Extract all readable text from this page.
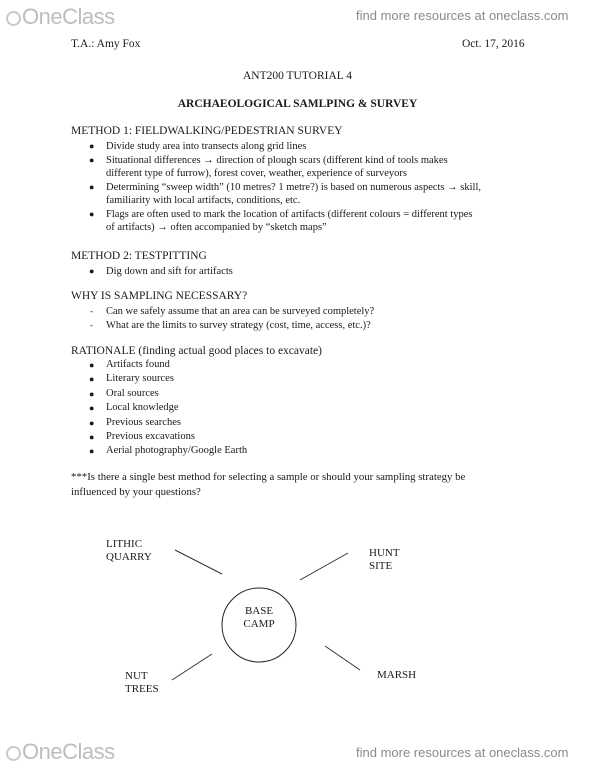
OneClass	find more resources at oneclass.com
T.A.: Amy Fox	Oct. 17, 2016
ANT200 TUTORIAL 4
ARCHAEOLOGICAL SAMLPING & SURVEY
METHOD 1: FIELDWALKING/PEDESTRIAN SURVEY
● Divide study area into transects along grid lines
● Situational differences → direction of plough scars (different kind of tools makes
different type of furrow), forest cover, weather, experience of surveyors
● Determining “sweep width” (10 metres? 1 metre?) is based on numerous aspects → skill,
familiarity with local artifacts, conditions, etc.
● Flags are often used to mark the location of artifacts (different colours = different types
of artifacts) → often accompanied by “sketch maps”
METHOD 2: TESTPITTING
● Dig down and sift for artifacts
WHY IS SAMPLING NECESSARY?
- Can we safely assume that an area can be surveyed completely?
- What are the limits to survey strategy (cost, time, access, etc.)?
RATIONALE (finding actual good places to excavate)
● Artifacts found
● Literary sources
● Oral sources
● Local knowledge
● Previous searches
● Previous excavations
● Aerial photography/Google Earth
***Is there a single best method for selecting a sample or should your sampling strategy be
influenced by your questions?
BASE
CAMP
LITHIC
QUARRY	HUNT
SITE
NUT
TREES
MARSH
OneClass	find more resources at oneclass.com
